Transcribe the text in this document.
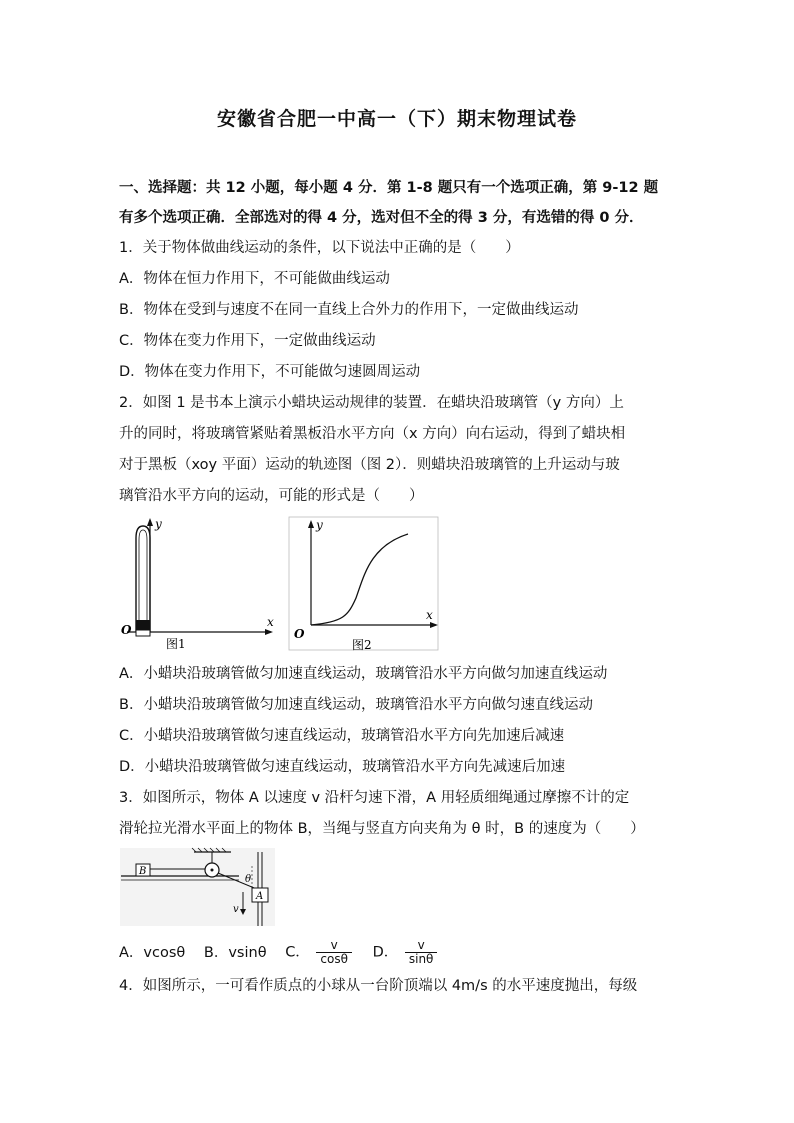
安徽省合肥一中高一（下）期末物理试卷
一、选择题：共 12 小题，每小题 4 分．第 1-8 题只有一个选项正确，第 9-12 题
有多个选项正确．全部选对的得 4 分，选对但不全的得 3 分，有选错的得 0 分．
1．关于物体做曲线运动的条件，以下说法中正确的是（　　）
A．物体在恒力作用下，不可能做曲线运动
B．物体在受到与速度不在同一直线上合外力的作用下，一定做曲线运动
C．物体在变力作用下，一定做曲线运动
D．物体在变力作用下，不可能做匀速圆周运动
2．如图 1 是书本上演示小蜡块运动规律的装置．在蜡块沿玻璃管（y 方向）上
升的同时，将玻璃管紧贴着黑板沿水平方向（x 方向）向右运动，得到了蜡块相
对于黑板（xoy 平面）运动的轨迹图（图 2）．则蜡块沿玻璃管的上升运动与玻
璃管沿水平方向的运动，可能的形式是（　　）
y
x
O
图1
y
x
O
图2
A．小蜡块沿玻璃管做匀加速直线运动，玻璃管沿水平方向做匀加速直线运动
B．小蜡块沿玻璃管做匀加速直线运动，玻璃管沿水平方向做匀速直线运动
C．小蜡块沿玻璃管做匀速直线运动，玻璃管沿水平方向先加速后减速
D．小蜡块沿玻璃管做匀速直线运动，玻璃管沿水平方向先减速后加速
3．如图所示，物体 A 以速度 v 沿杆匀速下滑，A 用轻质细绳通过摩擦不计的定
滑轮拉光滑水平面上的物体 B，当绳与竖直方向夹角为 θ 时，B 的速度为（　　）
B
A
θ
v
A．vcosθ B．vsinθ C． $\frac{v}{\cos\theta}$ D． $\frac{v}{\sin\theta}$
4．如图所示，一可看作质点的小球从一台阶顶端以 4m/s 的水平速度抛出，每级
